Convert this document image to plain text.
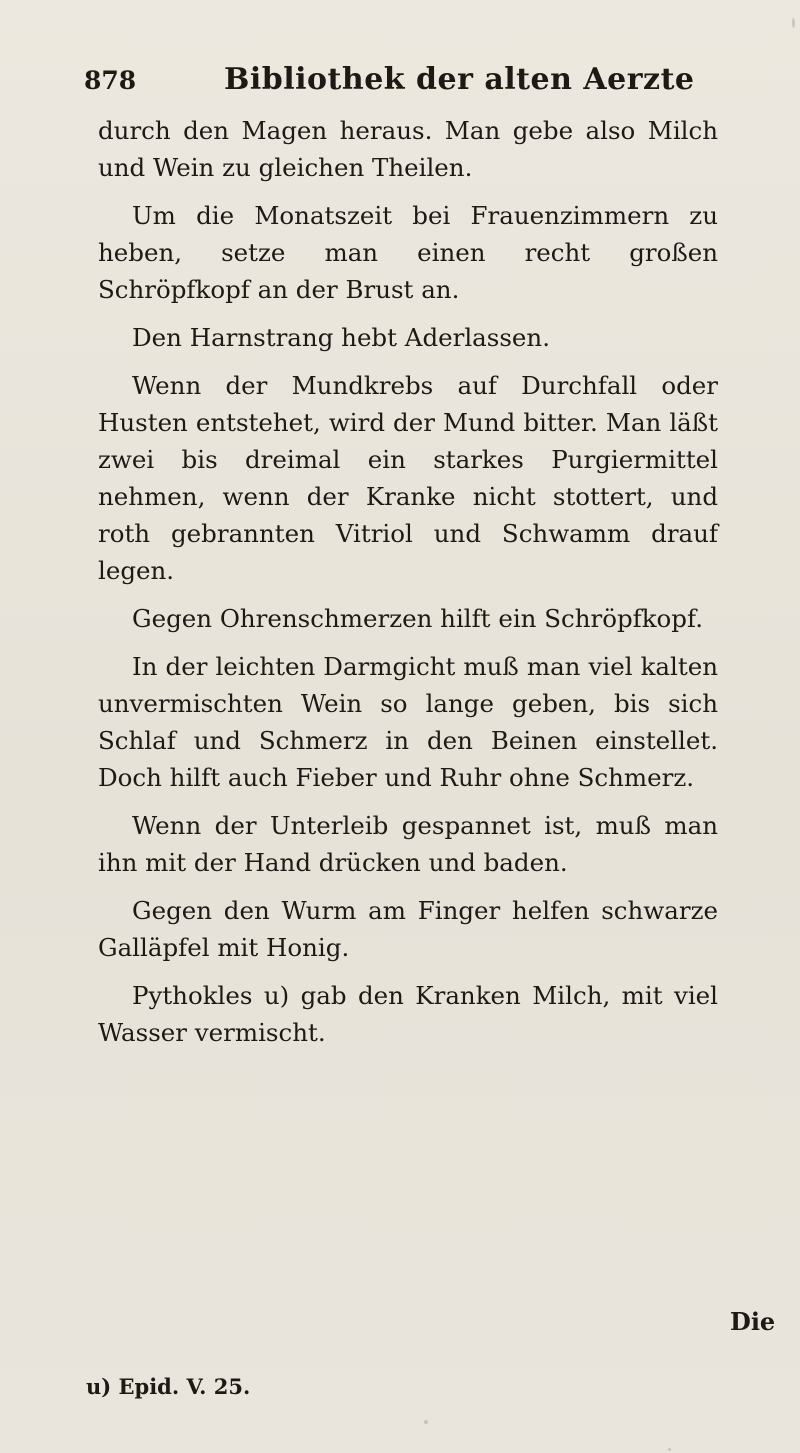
878	Bibliothek der alten Aerzte

durch den Magen heraus. Man gebe also Milch und Wein zu gleichen Theilen.

Um die Monatszeit bei Frauenzimmern zu heben, setze man einen recht großen Schröpfkopf an der Brust an.

Den Harnstrang hebt Aderlassen.

Wenn der Mundkrebs auf Durchfall oder Husten entstehet, wird der Mund bitter. Man läßt zwei bis dreimal ein starkes Purgiermittel nehmen, wenn der Kranke nicht stottert, und roth gebrannten Vitriol und Schwamm drauf legen.

Gegen Ohrenschmerzen hilft ein Schröpfkopf.

In der leichten Darmgicht muß man viel kalten unvermischten Wein so lange geben, bis sich Schlaf und Schmerz in den Beinen einstellet. Doch hilft auch Fieber und Ruhr ohne Schmerz.

Wenn der Unterleib gespannet ist, muß man ihn mit der Hand drücken und baden.

Gegen den Wurm am Finger helfen schwarze Galläpfel mit Honig.

Pythokles u) gab den Kranken Milch, mit viel Wasser vermischt.

Die
u) Epid. V. 25.
